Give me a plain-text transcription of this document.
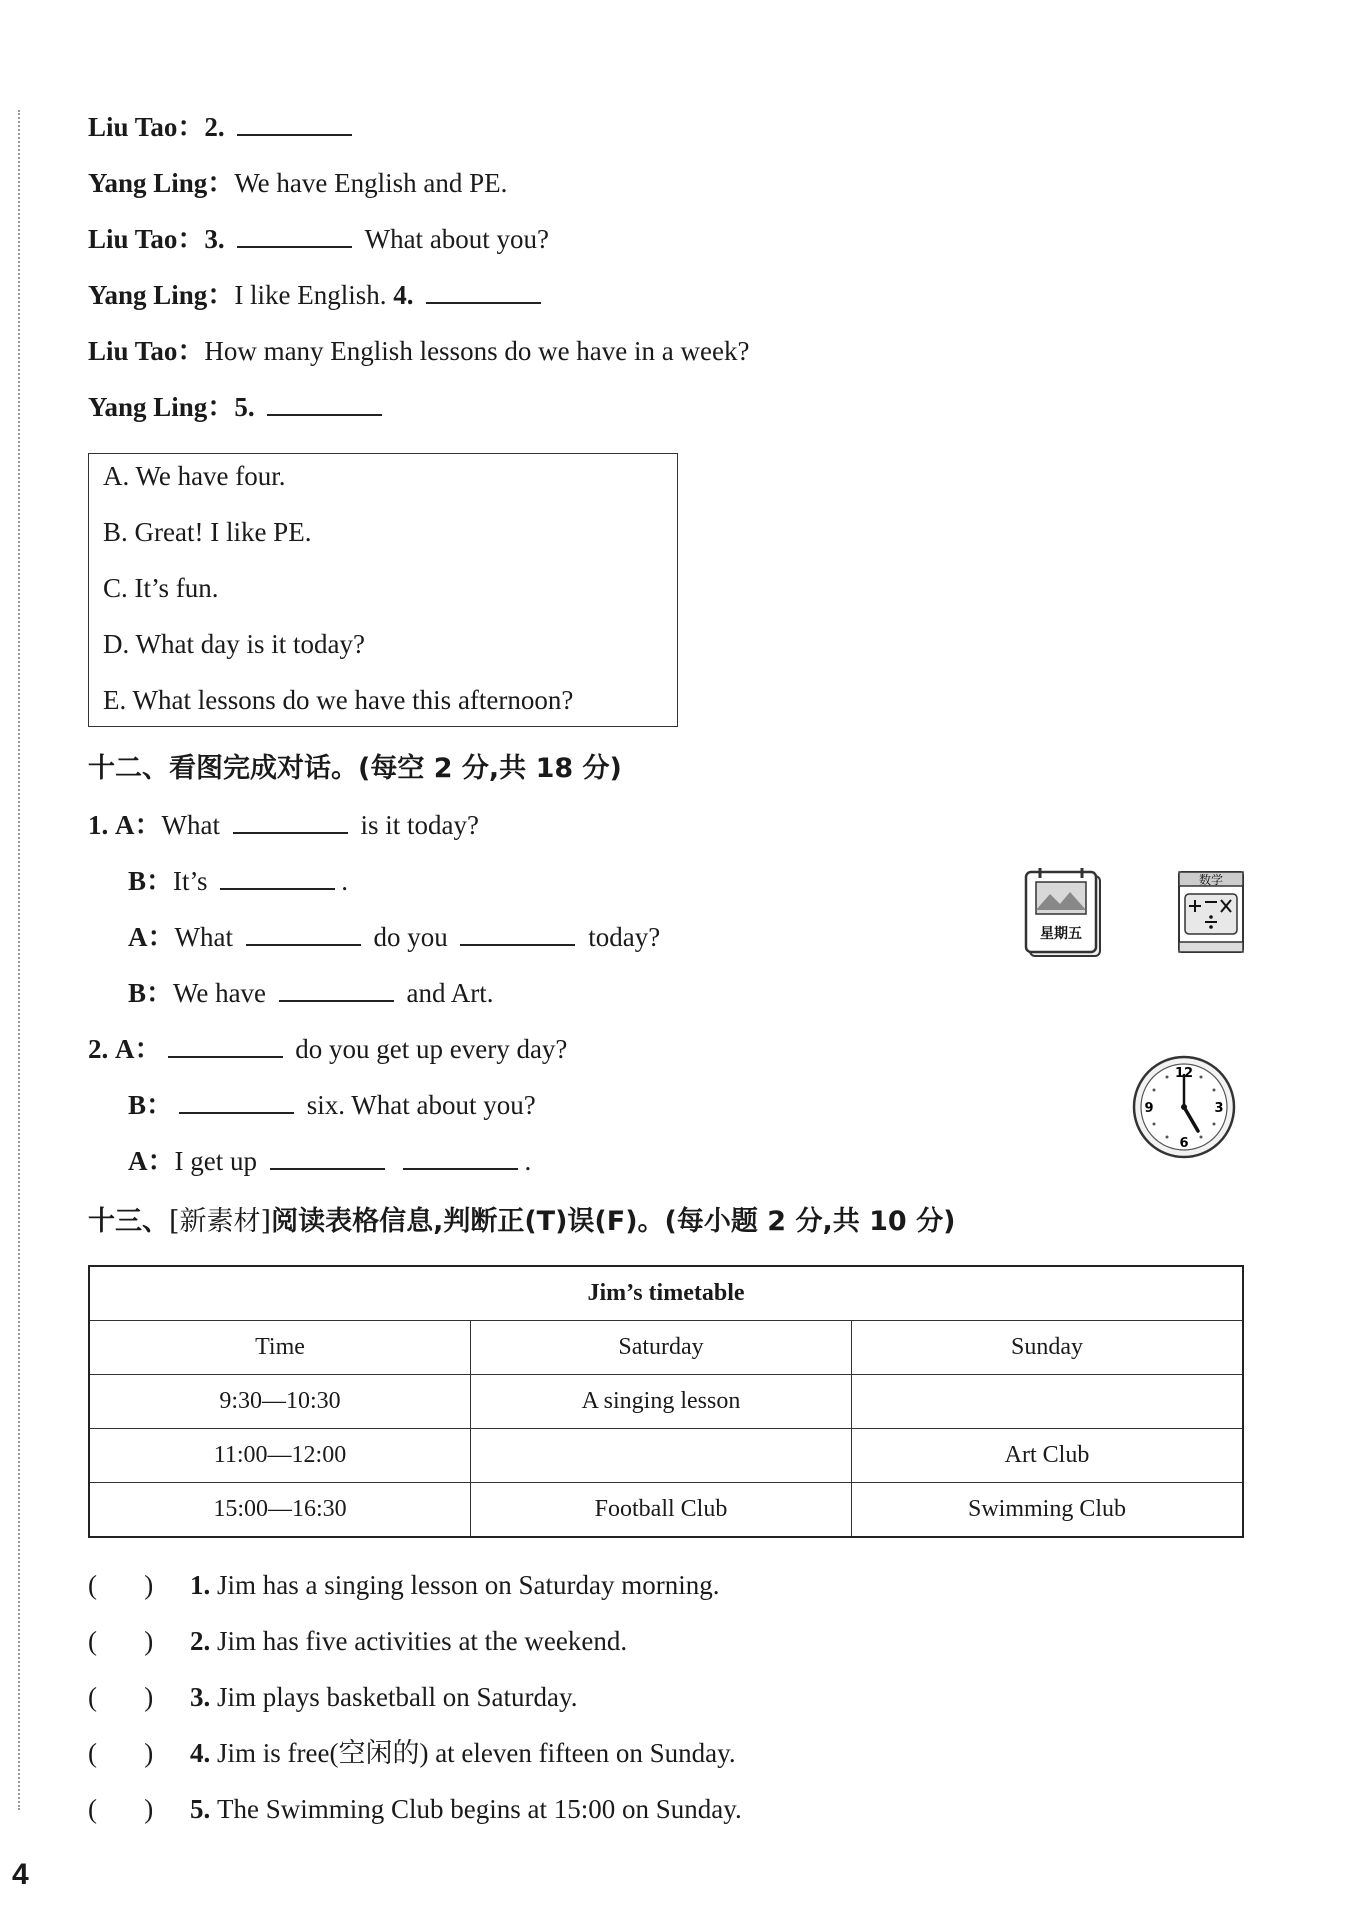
Liu Tao：2.
Yang Ling：We have English and PE.
Liu Tao：3.	What about you?
Yang Ling：I like English. 4.
Liu Tao：How many English lessons do we have in a week?
Yang Ling：5.
A. We have four.
B. Great! I like PE.
C. It’s fun.
D. What day is it today?
E. What lessons do we have this afternoon?
十二、看图完成对话。(每空 2 分,共 18 分)
1. A：What	is it today?
B：It’s	.
A：What	do you	today?
B：We have	and Art.
2. A：	do you get up every day?
B：	six. What about you?
A：I get up	.
星期五
数学
12
3
6
9
十三、[新素材]阅读表格信息,判断正(T)误(F)。(每小题 2 分,共 10 分)
Jim’s timetable		
Time	Saturday	Sunday
9:30—10:30	A singing lesson	
11:00—12:00		Art Club
15:00—16:30	Football Club	Swimming Club
(       ) 1. Jim has a singing lesson on Saturday morning.
(       ) 2. Jim has five activities at the weekend.
(       ) 3. Jim plays basketball on Saturday.
(       ) 4. Jim is free(空闲的) at eleven fifteen on Sunday.
(       ) 5. The Swimming Club begins at 15:00 on Sunday.
4
